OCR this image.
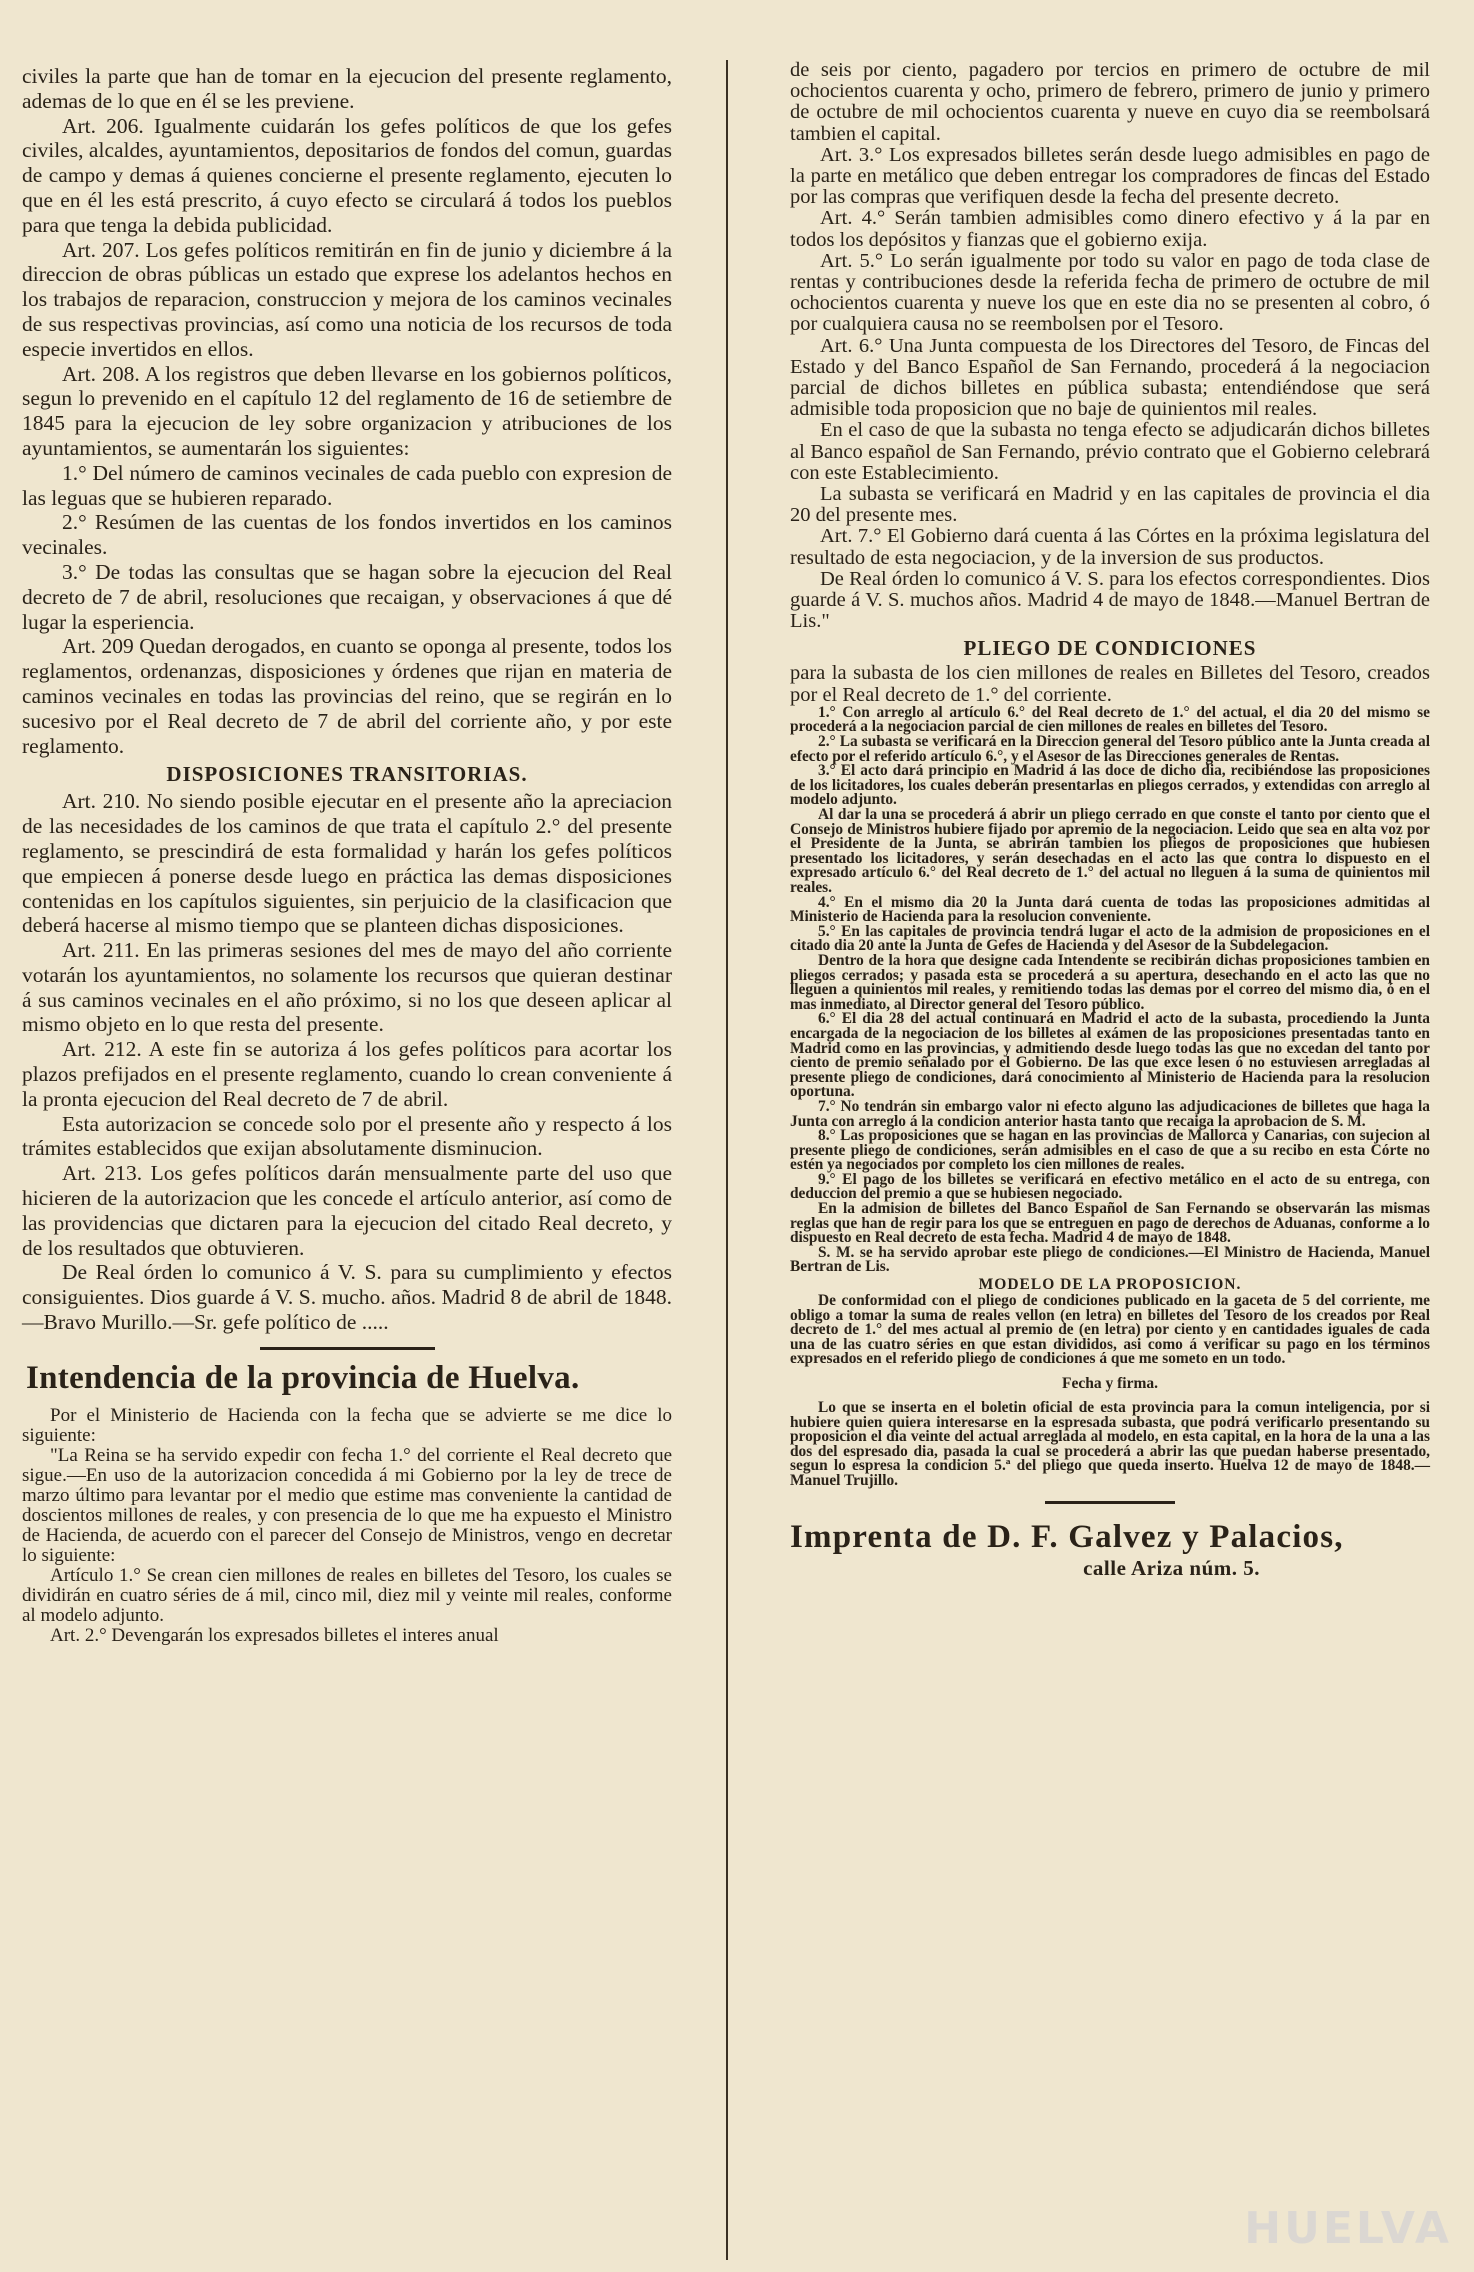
civiles la parte que han de tomar en la ejecucion del presente reglamento, ademas de lo que en él se les previene.

Art. 206. Igualmente cuidarán los gefes políticos de que los gefes civiles, alcaldes, ayuntamientos, depositarios de fondos del comun, guardas de campo y demas á quienes concierne el presente reglamento, ejecuten lo que en él les está prescrito, á cuyo efecto se circulará á todos los pueblos para que tenga la debida publicidad.

Art. 207. Los gefes políticos remitirán en fin de junio y diciembre á la direccion de obras públicas un estado que exprese los adelantos hechos en los trabajos de reparacion, construccion y mejora de los caminos vecinales de sus respectivas provincias, así como una noticia de los recursos de toda especie invertidos en ellos.

Art. 208. A los registros que deben llevarse en los gobiernos políticos, segun lo prevenido en el capítulo 12 del reglamento de 16 de setiembre de 1845 para la ejecucion de ley sobre organizacion y atribuciones de los ayuntamientos, se aumentarán los siguientes:

1.° Del número de caminos vecinales de cada pueblo con expresion de las leguas que se hubieren reparado.

2.° Resúmen de las cuentas de los fondos invertidos en los caminos vecinales.

3.° De todas las consultas que se hagan sobre la ejecucion del Real decreto de 7 de abril, resoluciones que recaigan, y observaciones á que dé lugar la esperiencia.

Art. 209 Quedan derogados, en cuanto se oponga al presente, todos los reglamentos, ordenanzas, disposiciones y órdenes que rijan en materia de caminos vecinales en todas las provincias del reino, que se regirán en lo sucesivo por el Real decreto de 7 de abril del corriente año, y por este reglamento.

DISPOSICIONES TRANSITORIAS.

Art. 210. No siendo posible ejecutar en el presente año la apreciacion de las necesidades de los caminos de que trata el capítulo 2.° del presente reglamento, se prescindirá de esta formalidad y harán los gefes políticos que empiecen á ponerse desde luego en práctica las demas disposiciones contenidas en los capítulos siguientes, sin perjuicio de la clasificacion que deberá hacerse al mismo tiempo que se planteen dichas disposiciones.

Art. 211. En las primeras sesiones del mes de mayo del año corriente votarán los ayuntamientos, no solamente los recursos que quieran destinar á sus caminos vecinales en el año próximo, si no los que deseen aplicar al mismo objeto en lo que resta del presente.

Art. 212. A este fin se autoriza á los gefes políticos para acortar los plazos prefijados en el presente reglamento, cuando lo crean conveniente á la pronta ejecucion del Real decreto de 7 de abril.

Esta autorizacion se concede solo por el presente año y respecto á los trámites establecidos que exijan absolutamente disminucion.

Art. 213. Los gefes políticos darán mensualmente parte del uso que hicieren de la autorizacion que les concede el artículo anterior, así como de las providencias que dictaren para la ejecucion del citado Real decreto, y de los resultados que obtuvieren.

De Real órden lo comunico á V. S. para su cumplimiento y efectos consiguientes. Dios guarde á V. S. mucho. años. Madrid 8 de abril de 1848.—Bravo Murillo.—Sr. gefe político de .....

Intendencia de la provincia de Huelva.

Por el Ministerio de Hacienda con la fecha que se advierte se me dice lo siguiente:

"La Reina se ha servido expedir con fecha 1.° del corriente el Real decreto que sigue.—En uso de la autorizacion concedida á mi Gobierno por la ley de trece de marzo último para levantar por el medio que estime mas conveniente la cantidad de doscientos millones de reales, y con presencia de lo que me ha expuesto el Ministro de Hacienda, de acuerdo con el parecer del Consejo de Ministros, vengo en decretar lo siguiente:

Artículo 1.° Se crean cien millones de reales en billetes del Tesoro, los cuales se dividirán en cuatro séries de á mil, cinco mil, diez mil y veinte mil reales, conforme al modelo adjunto.

Art. 2.° Devengarán los expresados billetes el interes anual

de seis por ciento, pagadero por tercios en primero de octubre de mil ochocientos cuarenta y ocho, primero de febrero, primero de junio y primero de octubre de mil ochocientos cuarenta y nueve en cuyo dia se reembolsará tambien el capital.

Art. 3.° Los expresados billetes serán desde luego admisibles en pago de la parte en metálico que deben entregar los compradores de fincas del Estado por las compras que verifiquen desde la fecha del presente decreto.

Art. 4.° Serán tambien admisibles como dinero efectivo y á la par en todos los depósitos y fianzas que el gobierno exija.

Art. 5.° Lo serán igualmente por todo su valor en pago de toda clase de rentas y contribuciones desde la referida fecha de primero de octubre de mil ochocientos cuarenta y nueve los que en este dia no se presenten al cobro, ó por cualquiera causa no se reembolsen por el Tesoro.

Art. 6.° Una Junta compuesta de los Directores del Tesoro, de Fincas del Estado y del Banco Español de San Fernando, procederá á la negociacion parcial de dichos billetes en pública subasta; entendiéndose que será admisible toda proposicion que no baje de quinientos mil reales.

En el caso de que la subasta no tenga efecto se adjudicarán dichos billetes al Banco español de San Fernando, prévio contrato que el Gobierno celebrará con este Establecimiento.

La subasta se verificará en Madrid y en las capitales de provincia el dia 20 del presente mes.

Art. 7.° El Gobierno dará cuenta á las Córtes en la próxima legislatura del resultado de esta negociacion, y de la inversion de sus productos.

De Real órden lo comunico á V. S. para los efectos correspondientes. Dios guarde á V. S. muchos años. Madrid 4 de mayo de 1848.—Manuel Bertran de Lis."

PLIEGO DE CONDICIONES

para la subasta de los cien millones de reales en Billetes del Tesoro, creados por el Real decreto de 1.° del corriente.

1.° Con arreglo al artículo 6.° del Real decreto de 1.° del actual, el dia 20 del mismo se procederá a la negociacion parcial de cien millones de reales en billetes del Tesoro.

2.° La subasta se verificará en la Direccion general del Tesoro público ante la Junta creada al efecto por el referido artículo 6.°, y el Asesor de las Direcciones generales de Rentas.

3.° El acto dará principio en Madrid á las doce de dicho dia, recibiéndose las proposiciones de los licitadores, los cuales deberán presentarlas en pliegos cerrados, y extendidas con arreglo al modelo adjunto.

Al dar la una se procederá á abrir un pliego cerrado en que conste el tanto por ciento que el Consejo de Ministros hubiere fijado por apremio de la negociacion. Leido que sea en alta voz por el Presidente de la Junta, se abrirán tambien los pliegos de proposiciones que hubiesen presentado los licitadores, y serán desechadas en el acto las que contra lo dispuesto en el expresado artículo 6.° del Real decreto de 1.° del actual no lleguen á la suma de quinientos mil reales.

4.° En el mismo dia 20 la Junta dará cuenta de todas las proposiciones admitidas al Ministerio de Hacienda para la resolucion conveniente.

5.° En las capitales de provincia tendrá lugar el acto de la admision de proposiciones en el citado dia 20 ante la Junta de Gefes de Hacienda y del Asesor de la Subdelegacion.

Dentro de la hora que designe cada Intendente se recibirán dichas proposiciones tambien en pliegos cerrados; y pasada esta se procederá a su apertura, desechando en el acto las que no lleguen a quinientos mil reales, y remitiendo todas las demas por el correo del mismo dia, ó en el mas inmediato, al Director general del Tesoro público.

6.° El dia 28 del actual continuará en Madrid el acto de la subasta, procediendo la Junta encargada de la negociacion de los billetes al exámen de las proposiciones presentadas tanto en Madrid como en las provincias, y admitiendo desde luego todas las que no excedan del tanto por ciento de premio señalado por el Gobierno. De las que exce lesen ó no estuviesen arregladas al presente pliego de condiciones, dará conocimiento al Ministerio de Hacienda para la resolucion oportuna.

7.° No tendrán sin embargo valor ni efecto alguno las adjudicaciones de billetes que haga la Junta con arreglo á la condicion anterior hasta tanto que recaiga la aprobacion de S. M.

8.° Las proposiciones que se hagan en las provincias de Mallorca y Canarias, con sujecion al presente pliego de condiciones, serán admisibles en el caso de que a su recibo en esta Córte no estén ya negociados por completo los cien millones de reales.

9.° El pago de los billetes se verificará en efectivo metálico en el acto de su entrega, con deduccion del premio a que se hubiesen negociado.

En la admision de billetes del Banco Español de San Fernando se observarán las mismas reglas que han de regir para los que se entreguen en pago de derechos de Aduanas, conforme a lo dispuesto en Real decreto de esta fecha. Madrid 4 de mayo de 1848.

S. M. se ha servido aprobar este pliego de condiciones.—El Ministro de Hacienda, Manuel Bertran de Lis.

MODELO DE LA PROPOSICION.

De conformidad con el pliego de condiciones publicado en la gaceta de 5 del corriente, me obligo a tomar la suma de reales vellon (en letra) en billetes del Tesoro de los creados por Real decreto de 1.° del mes actual al premio de (en letra) por ciento y en cantidades iguales de cada una de las cuatro séries en que estan divididos, asi como á verificar su pago en los términos expresados en el referido pliego de condiciones á que me someto en un todo.

Fecha y firma.

Lo que se inserta en el boletin oficial de esta provincia para la comun inteligencia, por si hubiere quien quiera interesarse en la espresada subasta, que podrá verificarlo presentando su proposicion el dia veinte del actual arreglada al modelo, en esta capital, en la hora de la una a las dos del espresado dia, pasada la cual se procederá a abrir las que puedan haberse presentado, segun lo espresa la condicion 5.ª del pliego que queda inserto. Huelva 12 de mayo de 1848.—Manuel Trujillo.

Imprenta de D. F. Galvez y Palacios,
calle Ariza núm. 5.
HUELVA
